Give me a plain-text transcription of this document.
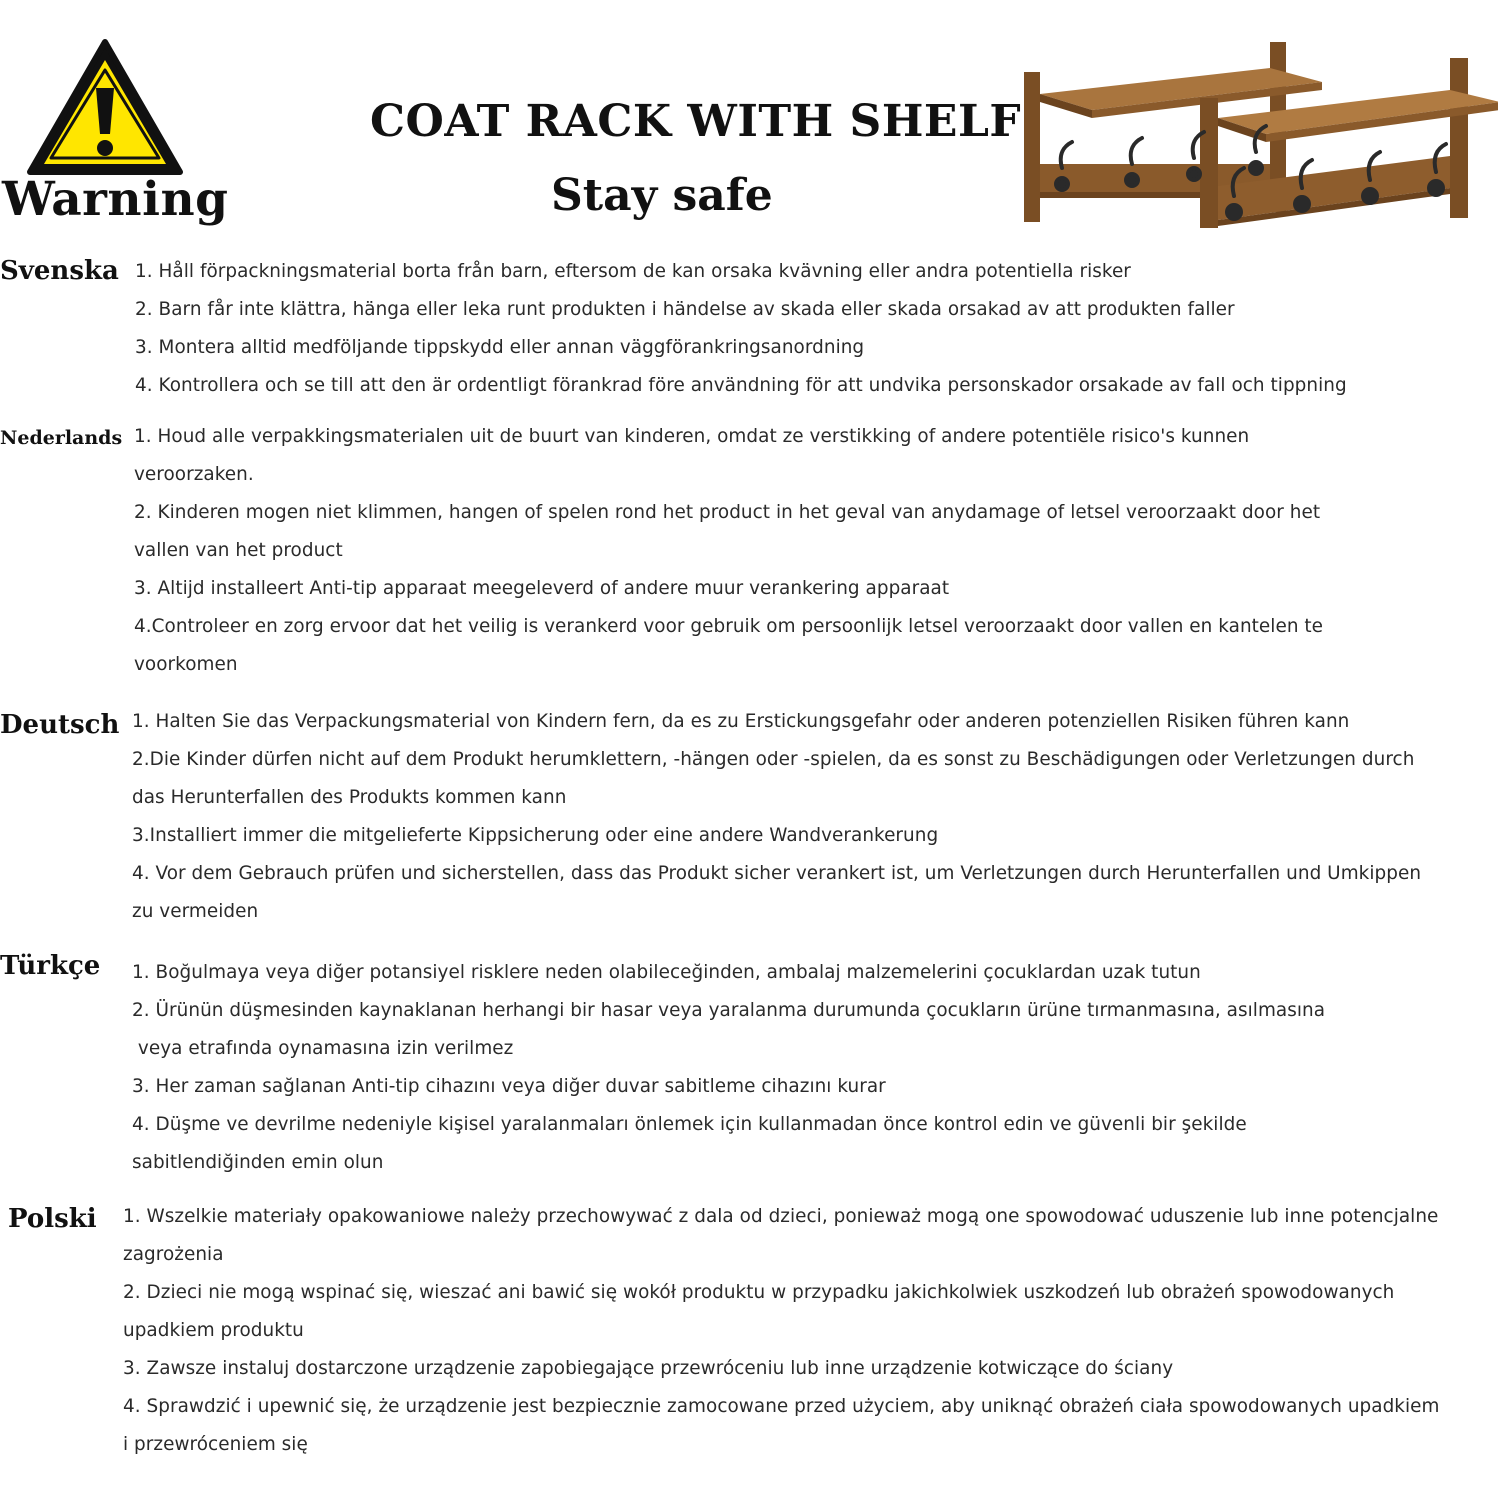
Warning
COAT RACK WITH SHELF
Stay safe
Svenska 1. Håll förpackningsmaterial borta från barn, eftersom de kan orsaka kvävning eller andra potentiella risker
2. Barn får inte klättra, hänga eller leka runt produkten i händelse av skada eller skada orsakad av att produkten faller
3. Montera alltid medföljande tippskydd eller annan väggförankringsanordning
4. Kontrollera och se till att den är ordentligt förankrad före användning för att undvika personskador orsakade av fall och tippning
Nederlands 1. Houd alle verpakkingsmaterialen uit de buurt van kinderen, omdat ze verstikking of andere potentiële risico's kunnen
veroorzaken.
2. Kinderen mogen niet klimmen, hangen of spelen rond het product in het geval van anydamage of letsel veroorzaakt door het
vallen van het product
3. Altijd installeert Anti-tip apparaat meegeleverd of andere muur verankering apparaat
4.Controleer en zorg ervoor dat het veilig is verankerd voor gebruik om persoonlijk letsel veroorzaakt door vallen en kantelen te
voorkomen
Deutsch 1. Halten Sie das Verpackungsmaterial von Kindern fern, da es zu Erstickungsgefahr oder anderen potenziellen Risiken führen kann
2.Die Kinder dürfen nicht auf dem Produkt herumklettern, -hängen oder -spielen, da es sonst zu Beschädigungen oder Verletzungen durch
das Herunterfallen des Produkts kommen kann
3.Installiert immer die mitgelieferte Kippsicherung oder eine andere Wandverankerung
4. Vor dem Gebrauch prüfen und sicherstellen, dass das Produkt sicher verankert ist, um Verletzungen durch Herunterfallen und Umkippen
zu vermeiden
Türkçe 1. Boğulmaya veya diğer potansiyel risklere neden olabileceğinden, ambalaj malzemelerini çocuklardan uzak tutun
2. Ürünün düşmesinden kaynaklanan herhangi bir hasar veya yaralanma durumunda çocukların ürüne tırmanmasına, asılmasına
veya etrafında oynamasına izin verilmez
3. Her zaman sağlanan Anti-tip cihazını veya diğer duvar sabitleme cihazını kurar
4. Düşme ve devrilme nedeniyle kişisel yaralanmaları önlemek için kullanmadan önce kontrol edin ve güvenli bir şekilde
sabitlendiğinden emin olun
Polski 1. Wszelkie materiały opakowaniowe należy przechowywać z dala od dzieci, ponieważ mogą one spowodować uduszenie lub inne potencjalne
zagrożenia
2. Dzieci nie mogą wspinać się, wieszać ani bawić się wokół produktu w przypadku jakichkolwiek uszkodzeń lub obrażeń spowodowanych
upadkiem produktu
3. Zawsze instaluj dostarczone urządzenie zapobiegające przewróceniu lub inne urządzenie kotwiczące do ściany
4. Sprawdzić i upewnić się, że urządzenie jest bezpiecznie zamocowane przed użyciem, aby uniknąć obrażeń ciała spowodowanych upadkiem
i przewróceniem się
